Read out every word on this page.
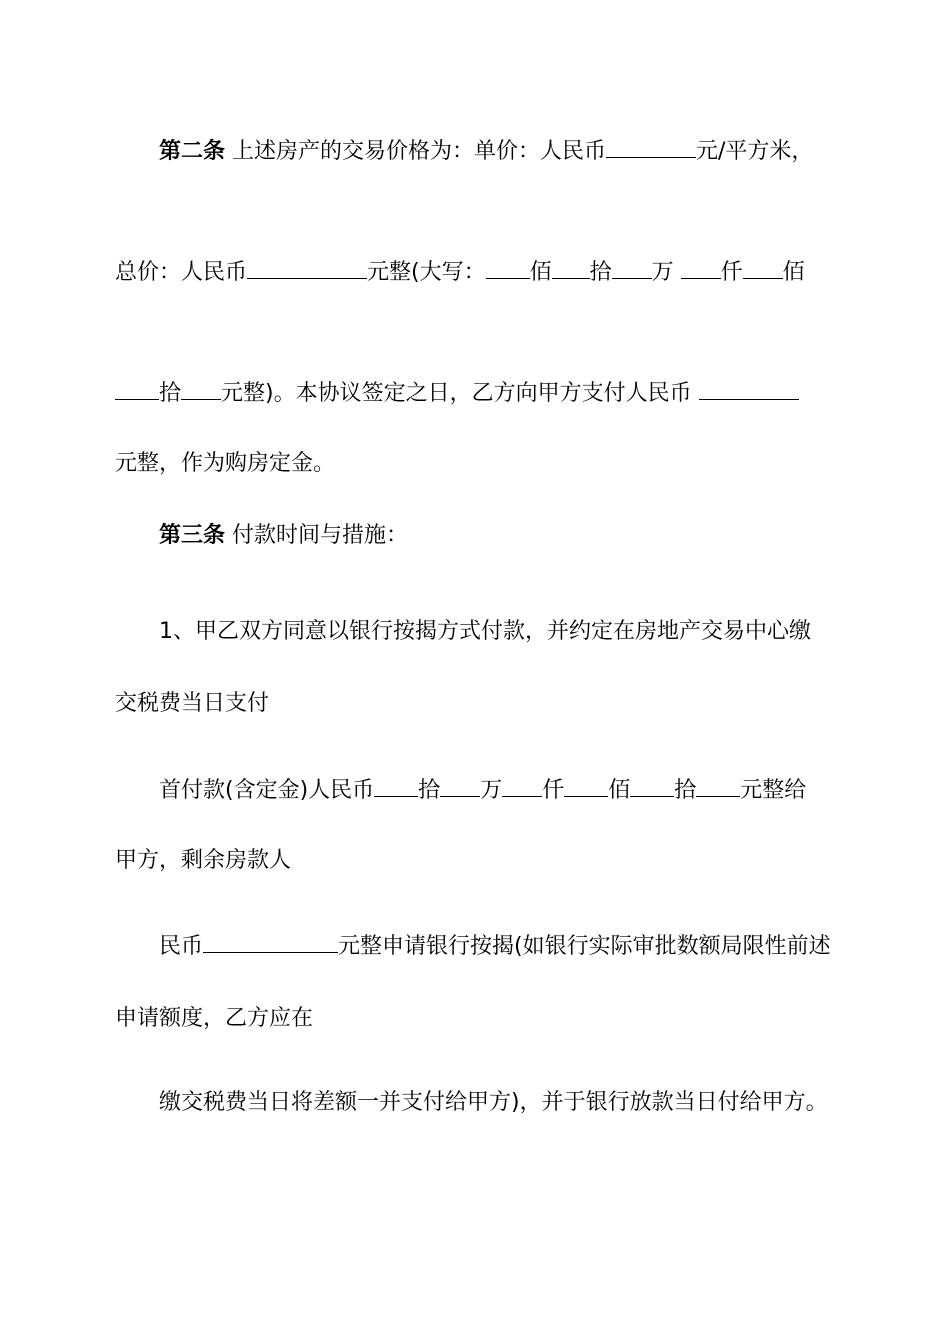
第二条 上述房产的交易价格为：单价：人民币	元/平方米，
总价：人民币	元整(大写： 佰 拾 万 仟 佰
拾 元整)。本协议签定之日，乙方向甲方支付人民币
元整，作为购房定金。
第三条 付款时间与措施：
1、甲乙双方同意以银行按揭方式付款，并约定在房地产交易中心缴
交税费当日支付
首付款(含定金)人民币 拾 万 仟 佰 拾 元整给
甲方，剩余房款人
民币	元整申请银行按揭(如银行实际审批数额局限性前述
申请额度，乙方应在
缴交税费当日将差额一并支付给甲方)，并于银行放款当日付给甲方。
